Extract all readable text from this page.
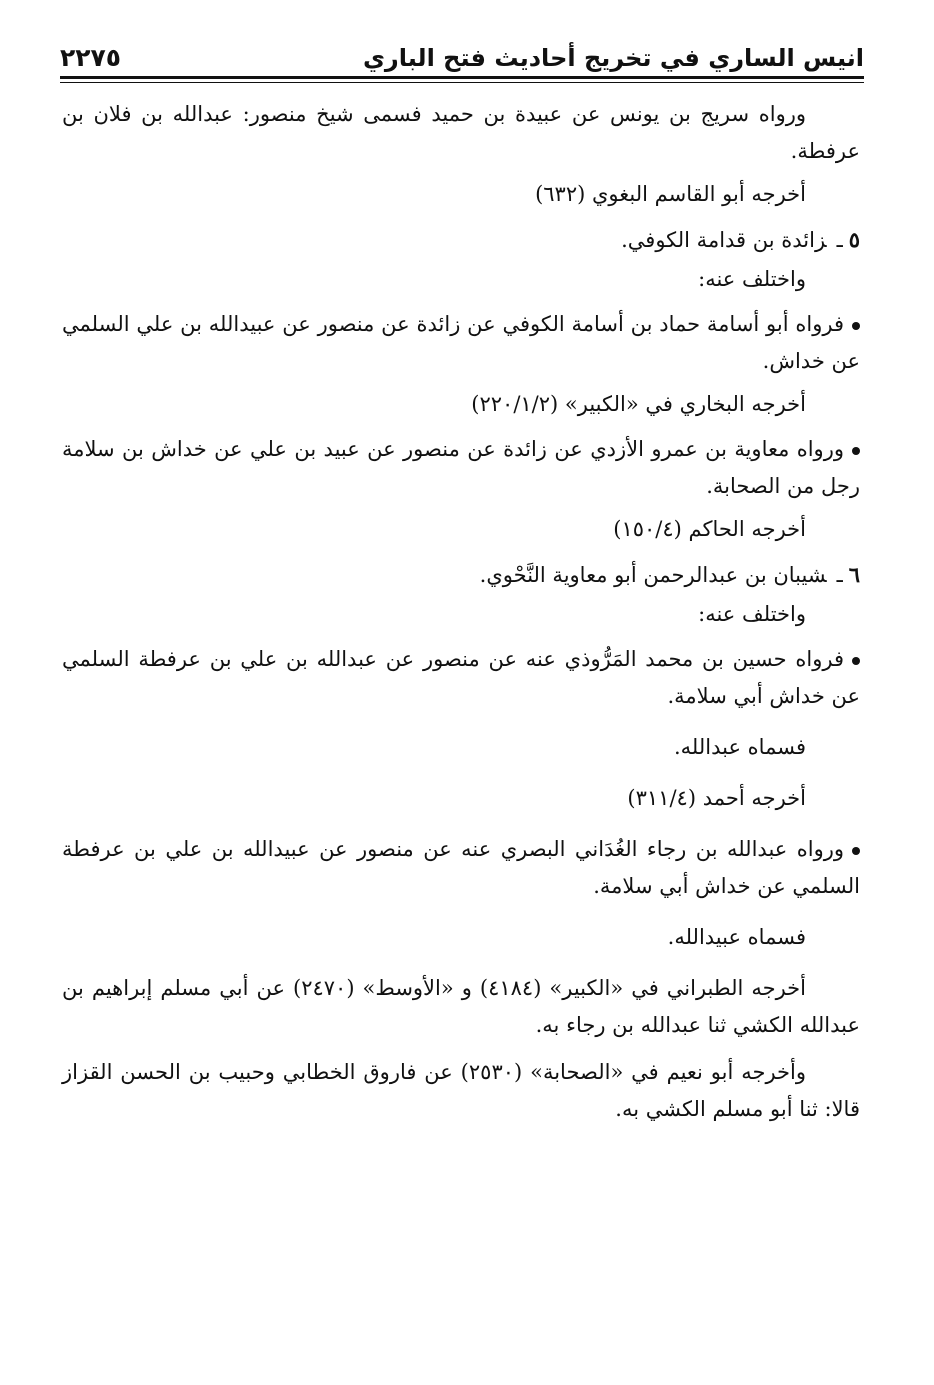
انيس الساري في تخريج أحاديث فتح الباري
٢٢٧٥

ورواه سريج بن يونس عن عبيدة بن حميد فسمى شيخ منصور: عبدالله بن فلان بن عرفطة.

أخرجه أبو القاسم البغوي (٦٣٢)

٥ـزائدة بن قدامة الكوفي.

واختلف عنه:

فرواه أبو أسامة حماد بن أسامة الكوفي عن زائدة عن منصور عن عبيدالله بن علي السلمي عن خداش.

أخرجه البخاري في «الكبير» (٢٢٠/١/٢)

ورواه معاوية بن عمرو الأزدي عن زائدة عن منصور عن عبيد بن علي عن خداش بن سلامة رجل من الصحابة.

أخرجه الحاكم (١٥٠/٤)

٦ـشيبان بن عبدالرحمن أبو معاوية النَّحْوي.

واختلف عنه:

فرواه حسين بن محمد المَرُّوذي عنه عن منصور عن عبدالله بن علي بن عرفطة السلمي عن خداش أبي سلامة.

فسماه عبدالله.

أخرجه أحمد (٣١١/٤)

ورواه عبدالله بن رجاء الغُدَاني البصري عنه عن منصور عن عبيدالله بن علي بن عرفطة السلمي عن خداش أبي سلامة.

فسماه عبيدالله.

أخرجه الطبراني في «الكبير» (٤١٨٤) و «الأوسط» (٢٤٧٠) عن أبي مسلم إبراهيم بن عبدالله الكشي ثنا عبدالله بن رجاء به.

وأخرجه أبو نعيم في «الصحابة» (٢٥٣٠) عن فاروق الخطابي وحبيب بن الحسن القزاز قالا: ثنا أبو مسلم الكشي به.
